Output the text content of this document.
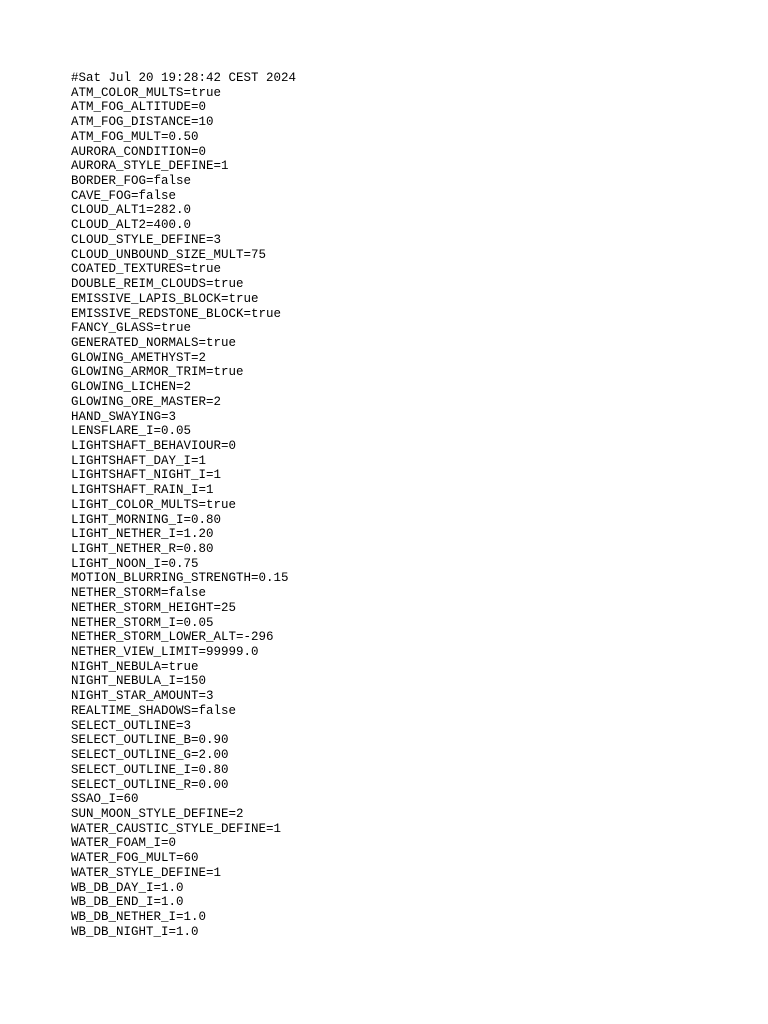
#Sat Jul 20 19:28:42 CEST 2024
ATM_COLOR_MULTS=true
ATM_FOG_ALTITUDE=0
ATM_FOG_DISTANCE=10
ATM_FOG_MULT=0.50
AURORA_CONDITION=0
AURORA_STYLE_DEFINE=1
BORDER_FOG=false
CAVE_FOG=false
CLOUD_ALT1=282.0
CLOUD_ALT2=400.0
CLOUD_STYLE_DEFINE=3
CLOUD_UNBOUND_SIZE_MULT=75
COATED_TEXTURES=true
DOUBLE_REIM_CLOUDS=true
EMISSIVE_LAPIS_BLOCK=true
EMISSIVE_REDSTONE_BLOCK=true
FANCY_GLASS=true
GENERATED_NORMALS=true
GLOWING_AMETHYST=2
GLOWING_ARMOR_TRIM=true
GLOWING_LICHEN=2
GLOWING_ORE_MASTER=2
HAND_SWAYING=3
LENSFLARE_I=0.05
LIGHTSHAFT_BEHAVIOUR=0
LIGHTSHAFT_DAY_I=1
LIGHTSHAFT_NIGHT_I=1
LIGHTSHAFT_RAIN_I=1
LIGHT_COLOR_MULTS=true
LIGHT_MORNING_I=0.80
LIGHT_NETHER_I=1.20
LIGHT_NETHER_R=0.80
LIGHT_NOON_I=0.75
MOTION_BLURRING_STRENGTH=0.15
NETHER_STORM=false
NETHER_STORM_HEIGHT=25
NETHER_STORM_I=0.05
NETHER_STORM_LOWER_ALT=-296
NETHER_VIEW_LIMIT=99999.0
NIGHT_NEBULA=true
NIGHT_NEBULA_I=150
NIGHT_STAR_AMOUNT=3
REALTIME_SHADOWS=false
SELECT_OUTLINE=3
SELECT_OUTLINE_B=0.90
SELECT_OUTLINE_G=2.00
SELECT_OUTLINE_I=0.80
SELECT_OUTLINE_R=0.00
SSAO_I=60
SUN_MOON_STYLE_DEFINE=2
WATER_CAUSTIC_STYLE_DEFINE=1
WATER_FOAM_I=0
WATER_FOG_MULT=60
WATER_STYLE_DEFINE=1
WB_DB_DAY_I=1.0
WB_DB_END_I=1.0
WB_DB_NETHER_I=1.0
WB_DB_NIGHT_I=1.0
